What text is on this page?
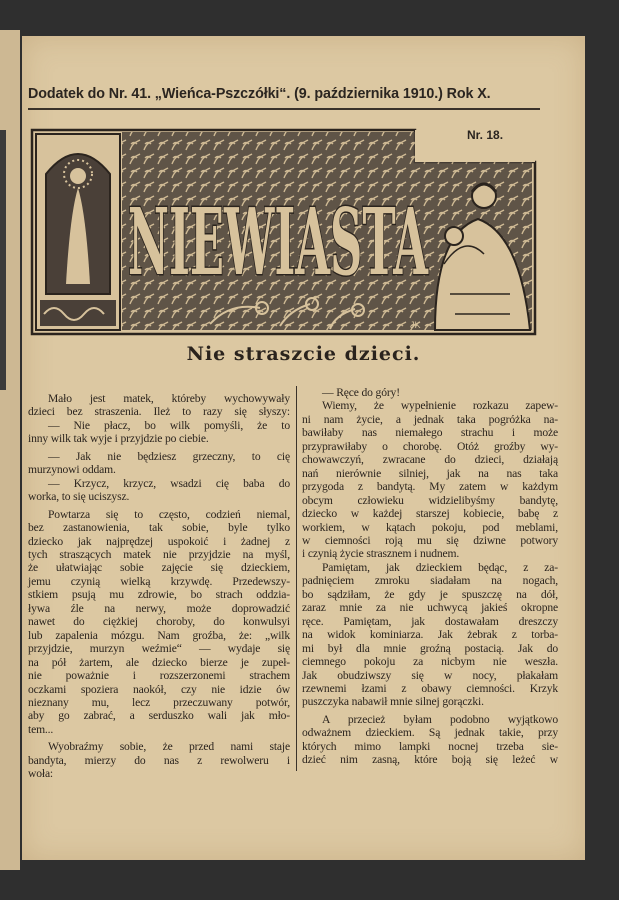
Dodatek do Nr. 41. „Wieńca-Pszczółki“. (9. października 1910.) Rok X.
NIEWIASTA
JK
Nr. 18.
Nie straszcie dzieci.
Mało jest matek, któreby wychowywały
dzieci bez straszenia. Ileż to razy się słyszy:
— Nie płacz, bo wilk pomyśli, że to
inny wilk tak wyje i przyjdzie po ciebie.
— Jak nie będziesz grzeczny, to cię
murzynowi oddam.
— Krzycz, krzycz, wsadzi cię baba do
worka, to się uciszysz.
Powtarza się to często, codzień niemal,
bez zastanowienia, tak sobie, byle tylko
dziecko jak najprędzej uspokoić i żadnej z
tych straszących matek nie przyjdzie na myśl,
że ułatwiając sobie zajęcie się dzieckiem,
jemu czynią wielką krzywdę. Przedewszy-
stkiem psują mu zdrowie, bo strach oddzia-
ływa źle na nerwy, może doprowadzić
nawet do ciężkiej choroby, do konwulsyi
lub zapalenia mózgu. Nam groźba, że: „wilk
przyjdzie, murzyn weźmie“ — wydaje się
na pół żartem, ale dziecko bierze je zupeł-
nie poważnie i rozszerzonemi strachem
oczkami spoziera naokół, czy nie idzie ów
nieznany mu, lecz przeczuwany potwór,
aby go zabrać, a serduszko wali jak mło-
tem...
Wyobraźmy sobie, że przed nami staje
bandyta, mierzy do nas z rewolweru i
woła:
— Ręce do góry!
Wiemy, że wypełnienie rozkazu zapew-
ni nam życie, a jednak taka pogróżka na-
bawiłaby nas niemałego strachu i może
przyprawiłaby o chorobę. Otóż groźby wy-
chowawczyń, zwracane do dzieci, działają
nań nierównie silniej, jak na nas taka
przygoda z bandytą. My zatem w każdym
obcym człowieku widzielibyśmy bandytę,
dziecko w każdej starszej kobiecie, babę z
workiem, w kątach pokoju, pod meblami,
w ciemności roją mu się dziwne potwory
i czynią życie strasznem i nudnem.
Pamiętam, jak dzieckiem będąc, z za-
padnięciem zmroku siadałam na nogach,
bo sądziłam, że gdy je spuszczę na dół,
zaraz mnie za nie uchwycą jakieś okropne
ręce. Pamiętam, jak dostawałam dreszczy
na widok kominiarza. Jak żebrak z torba-
mi był dla mnie groźną postacią. Jak do
ciemnego pokoju za nicbym nie weszła.
Jak obudziwszy się w nocy, płakałam
rzewnemi łzami z obawy ciemności. Krzyk
puszczyka nabawił mnie silnej gorączki.
A przecież byłam podobno wyjątkowo
odważnem dzieckiem. Są jednak takie, przy
których mimo lampki nocnej trzeba sie-
dzieć nim zasną, które boją się leżeć w
